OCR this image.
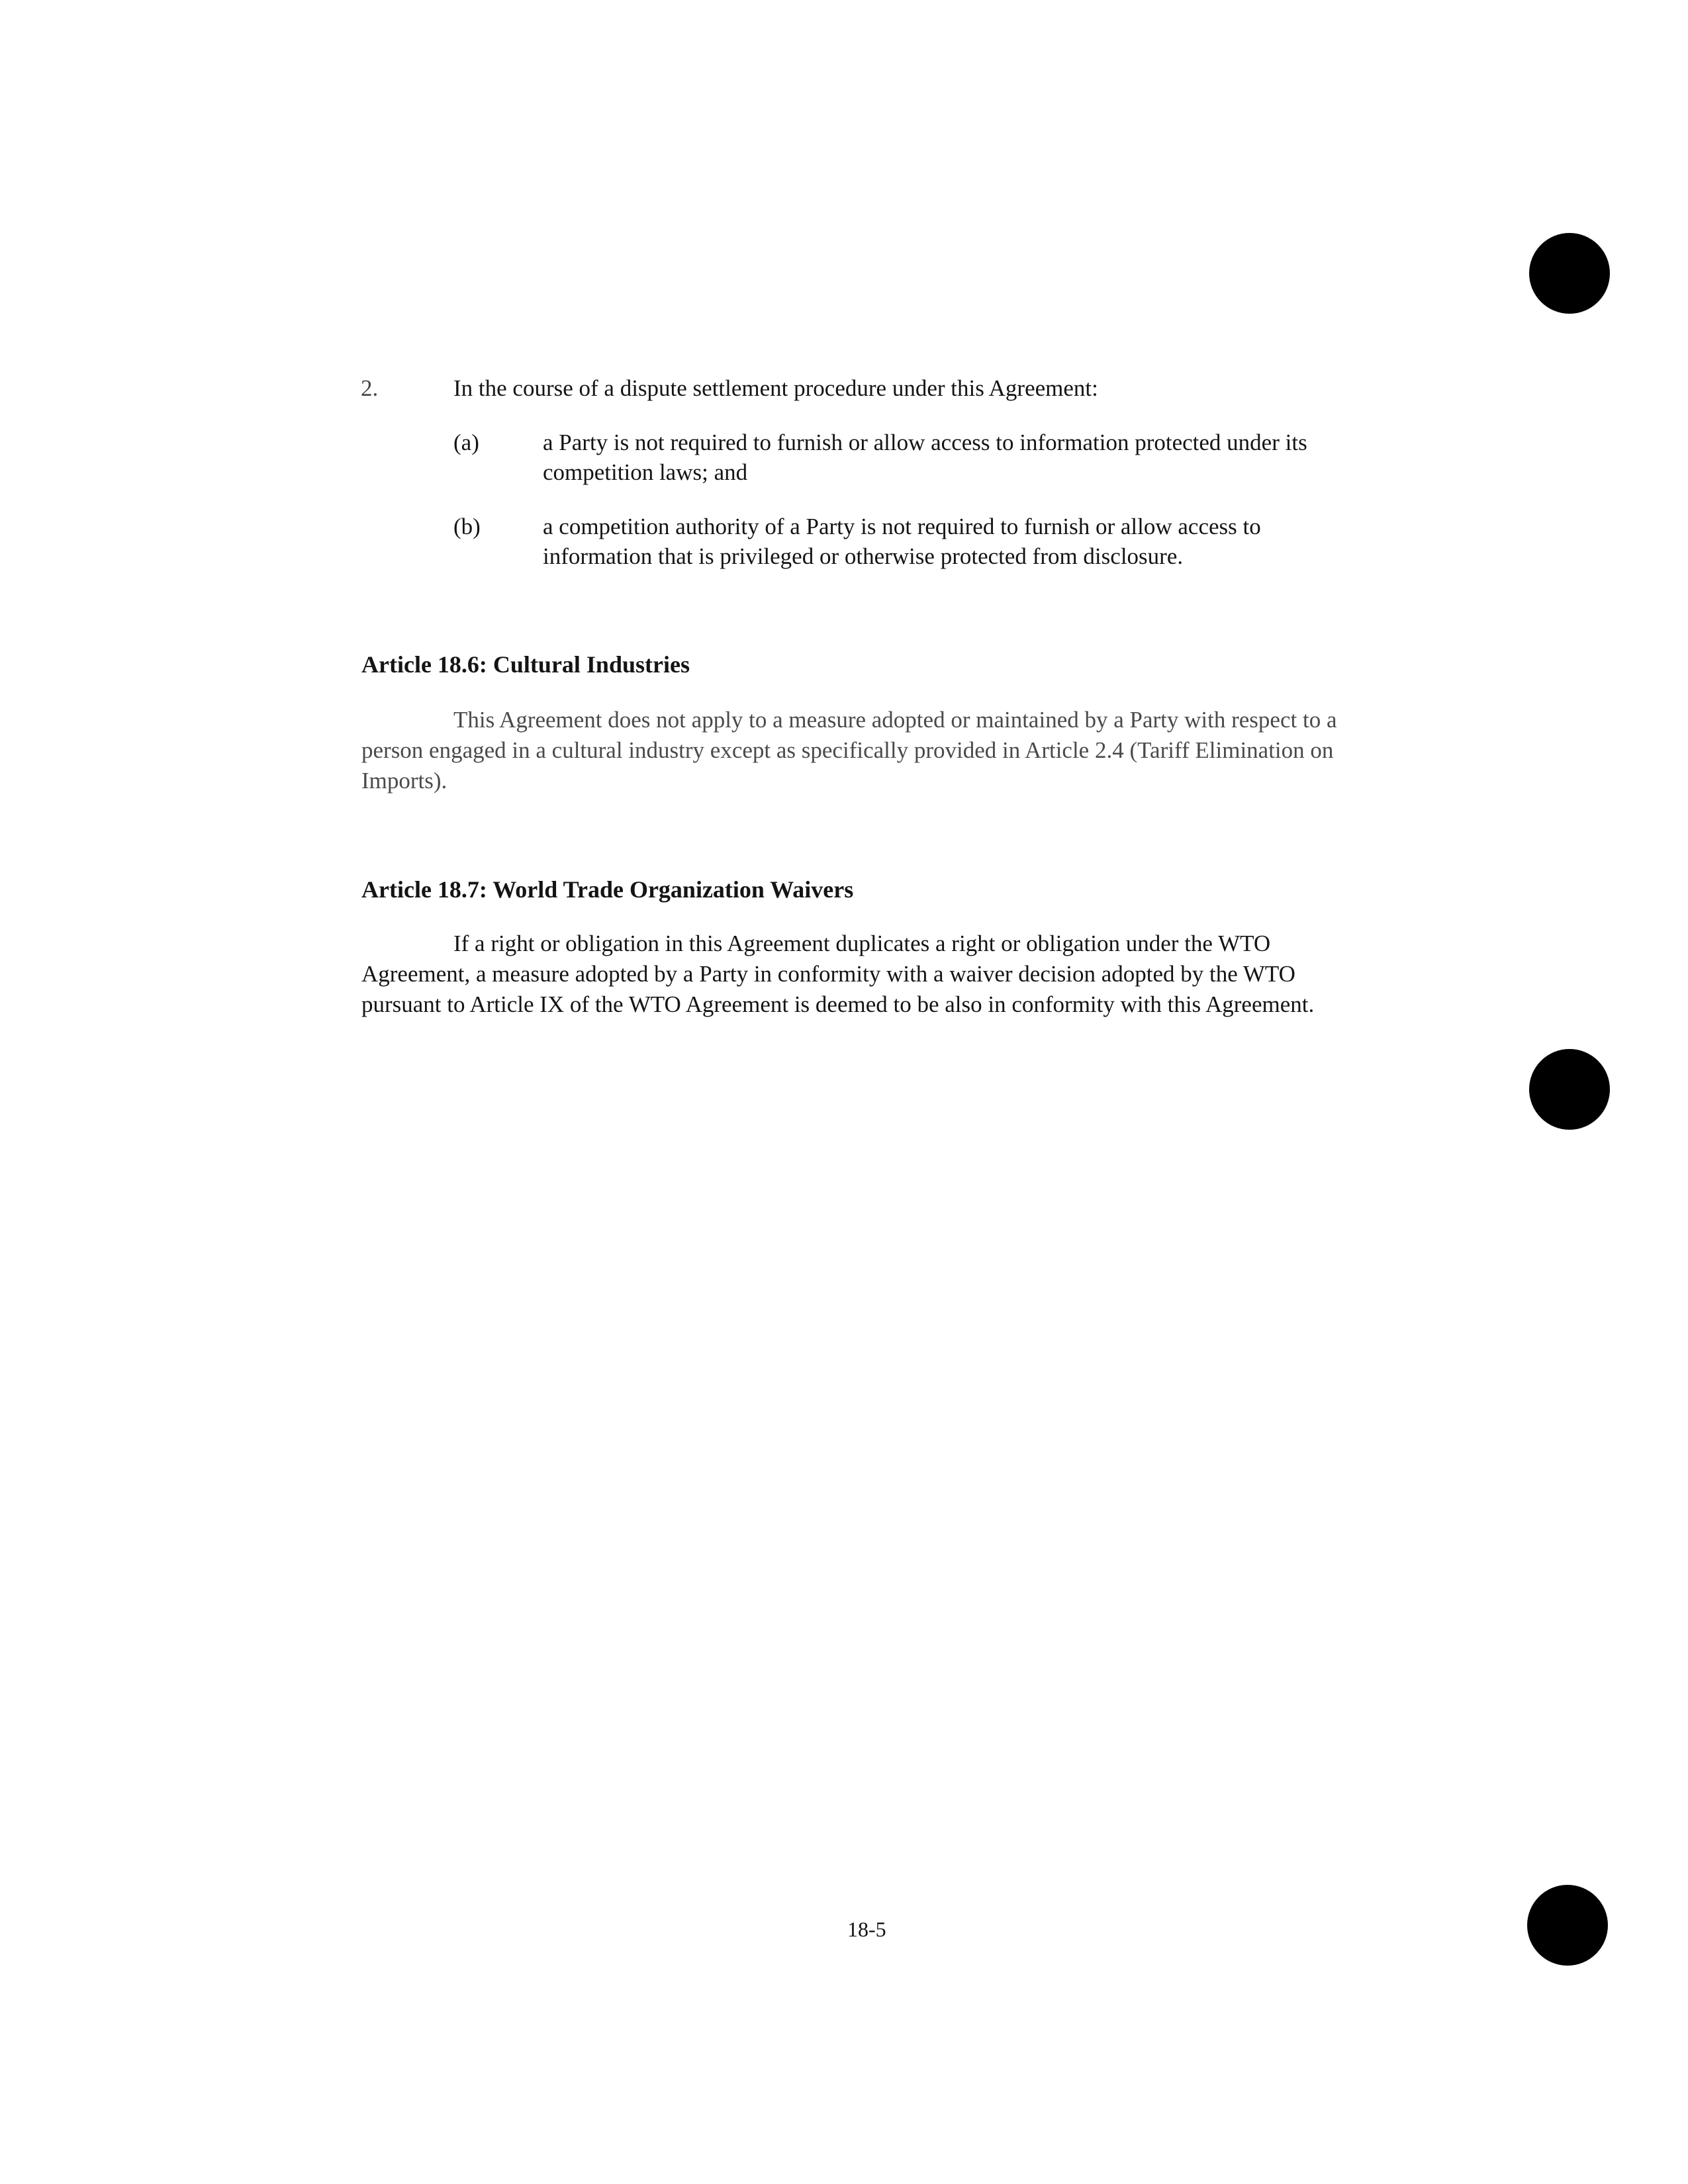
2.	In the course of a dispute settlement procedure under this Agreement:
(a)	a Party is not required to furnish or allow access to information protected under its competition laws; and
(b)	a competition authority of a Party is not required to furnish or allow access to information that is privileged or otherwise protected from disclosure.
Article 18.6: Cultural Industries
This Agreement does not apply to a measure adopted or maintained by a Party with respect to a person engaged in a cultural industry except as specifically provided in Article 2.4 (Tariff Elimination on Imports).
Article 18.7: World Trade Organization Waivers
If a right or obligation in this Agreement duplicates a right or obligation under the WTO Agreement, a measure adopted by a Party in conformity with a waiver decision adopted by the WTO pursuant to Article IX of the WTO Agreement is deemed to be also in conformity with this Agreement.
18-5
